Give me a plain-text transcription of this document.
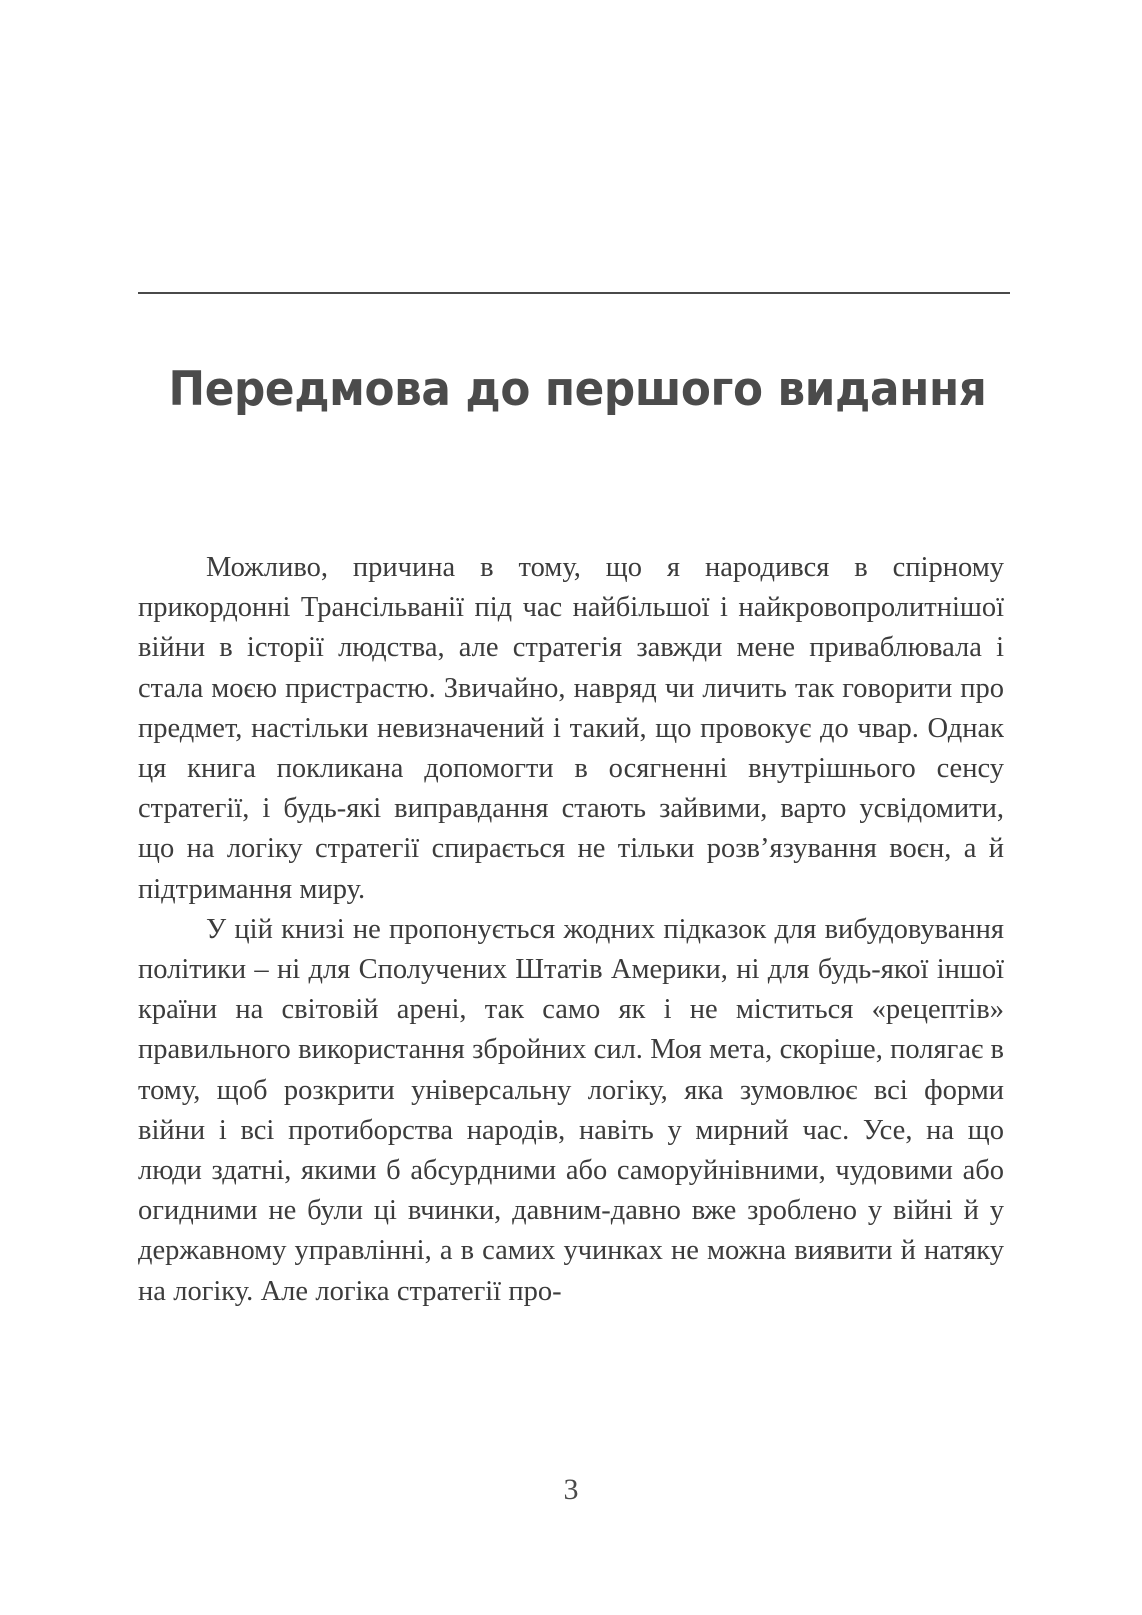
Передмова до першого видання

Можливо, причина в тому, що я народився в спірному прикордонні Трансільванії під час найбільшої і найкровопролитнішої війни в історії людства, але стратегія завжди мене приваблювала і стала моєю пристрастю. Звичайно, навряд чи личить так говорити про предмет, настільки невизначений і такий, що провокує до чвар. Однак ця книга покликана допомогти в осягненні внутрішнього сенсу стратегії, і будь-які виправдання стають зайвими, варто усвідомити, що на логіку стратегії спирається не тільки розв’язування воєн, а й підтримання миру.

У цій книзі не пропонується жодних підказок для вибудовування політики – ні для Сполучених Штатів Америки, ні для будь-якої іншої країни на світовій арені, так само як і не міститься «рецептів» правильного використання збройних сил. Моя мета, скоріше, полягає в тому, щоб розкрити універсальну логіку, яка зумовлює всі форми війни і всі протиборства народів, навіть у мирний час. Усе, на що люди здатні, якими б абсурдними або саморуйнівними, чудовими або огидними не були ці вчинки, давним-давно вже зроблено у війні й у державному управлінні, а в самих учинках не можна виявити й натяку на логіку. Але логіка стратегії про-

3
